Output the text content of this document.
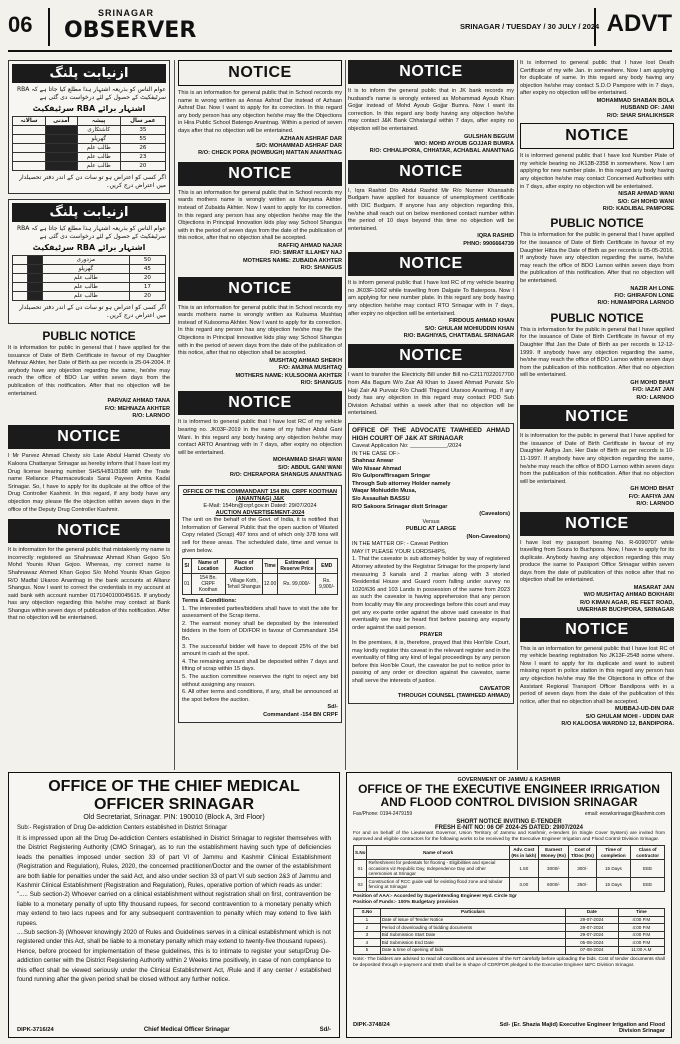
06	SRINAGAR
OBSERVER	SRINAGAR / TUESDAY / 30 JULY / 2024 ADVT
ازنیابت پلنگ
عوام الناس کو بذریعہ اشتہار ہذا مطلع کیا جاتا ہے کہ RBA سرٹیفکیٹ کے حصول کے لئے درخواست دی گئی ہے
اشتہار برائے RBA سرٹیفکیٹ
عمر سال	پیشہ	آمدنی	سالانہ
35	کاشتکاری		
55	گھریلو		
26	طالب علم		
23	طالب علم		
20	طالب علم		
اگر کسی کو اعتراض ہو تو سات دن کے اندر دفتر تحصیلدار میں اعتراض درج کریں۔
ازنیابت پلنگ
عوام الناس کو بذریعہ اشتہار ہذا مطلع کیا جاتا ہے کہ RBA سرٹیفکیٹ کے حصول کے لئے درخواست دی گئی ہے
اشتہار برائے RBA سرٹیفکیٹ
50	مزدوری		
45	گھریلو		
20	طالب علم		
17	طالب علم		
20	طالب علم		
اگر کسی کو اعتراض ہو تو سات دن کے اندر دفتر تحصیلدار میں اعتراض درج کریں۔
PUBLIC NOTICE
It is information for public in general that I have applied for the issuance of Date of Birth Certificate in favour of my Daughter Mehnaz Akhter, her Date of Birth as per records is 25-04-2004. If anybody have any objection regarding the same, he/she may reach the office of BDO Lar within seven days from the publication of this notification. After that no objection will be entertained.
PARVAIZ AHMAD TANA
F/O: MEHNAZA AKHTER
R/O: LARNOO
NOTICE
I Mr Parvez Ahmad Chesty s/o Late Abdul Hamid Chesty r/o Kaloora Chattanyar Srinagar as hereby inform that I have lost my Drug license bearing number SHS/H/81/3188 with the Trade name Reliance Pharmaceuticals Sarai Payeen Amira Kadal Srinagar. So, I have to apply for its duplicate at the office of the Drug Controller Kashmir. In this regard, if any body have any objection may please file the objection within seven days in the office of the Deputy Drug Controller Kashmir.
NOTICE
It is information for the general public that mistakenly my name is incorrectly registered as Shahnawaz Ahmad Khan Gojoo S/o Mohd Younis Khan Gojoo. Whereas, my correct name is Shahnawaz Ahmed Khan Gojoo S/o Mohd Younis Khan Gojoo R/O Madfal Ukaroo Anantnag in the bank accounts at Allianz Shangus. Now I want to correct the credentials in my account at said bank with account number 0171040100045615. If anybody has any objection regarding this he/she may contact at Bank Shangus within seven days of publication of this notification. After that no objection will be entertained.
NOTICE
This is an information for general public that in School records my name is wrong written as Annas Ashraf Dar instead of Azhaan Ashraf Dar. Now I want to apply for its correction. In this regard any body person has any objection he/she may file the Objections in Hira Public School Batengo Anantnag. Within a period of seven days after that no objection will be entertained.
AZHAAN ASHRAF DAR
S/O: MOHAMMAD ASHRAF DAR
R/O: CHECK PORA (NOWBUGH) MATTAN ANANTNAG
NOTICE
This is an information for general public that in School records my wards mothers name is wrongly written as Maryama Akhter instead of Zubaida Akhter. Now I want to apply for its correction. In this regard any person has any objection he/she may file the Objections in Principal Innovation kids play way School Shangus with in the period of seven days from the date of the publication of this notice, after that no objection shall be accepted.
RAFFIQ AHMAD NAJAR
F/O: SIMRAT ILLAHEY NAJ
MOTHERS NAME: ZUBAIDA AKHTER
R/O: SHANGUS
NOTICE
This is an information for general public that in School records my wards mothers name is wrongly written as Kulsuma Mushtaq instead of Kulsooma Akhter. Now I want to apply for its correction. In this regard any person has any objection he/she may file the Objections in Principal Innovative kids play way School Shangus with in the period of seven days from the date of the publication of this notice, after that no objection shall be accepted.
MUSHTAQ AHMAD SHEIKH
F/O: AMJINA MUSHTAQ
MOTHERS NAME: KULSOOMA AKHTER
R/O: SHANGUS
NOTICE
It is informed to general public that I have lost RC of my vehicle bearing no. JK03F-2019 in the name of my father Abdul Gani Wani. In this regard any body having any objection he/she may contact ARTO Anantnag with in 7 days, after expiry no objection will be entertained.
MOHAMMAD SHAFI WANI
S/O: ABDUL GANI WANI
R/O: CHERAPORA SHANGUS ANANTNAG
OFFICE OF THE COMMANDANT 154 BN. CRPF KOOTHAN (ANANTNAG) J&K
E-Mail: 154bn@crpf.gov.in Dated: 29/07/2024
AUCTION ADVERTISEMENT-2024
The unit on the behalf of the Govt. of India, it is notified that Information of General Public that the open auction of Wasted Copy related (Scrap) 497 tons and of which only 378 tons will sell for these areas. The scheduled date, time and venue is given below.
Sl	Name of Location	Place of Auction	Time	Estimated Reserve Price	EMD
01	154 Bn. CRPF Koothan	Village Koth, Tehsil Shangus	12.00	Rs. 99,000/-	Rs. 9,900/-
Terms & Conditions:
1. The interested parties/bidders shall have to visit the site for assessment of the Scrap items.
2. The earnest money shall be deposited by the interested bidders in the form of DD/FDR in favour of Commandant 154 Bn.
3. The successful bidder will have to deposit 25% of the bid amount in cash at the spot.
4. The remaining amount shall be deposited within 7 days and lifting of scrap within 15 days.
5. The auction committee reserves the right to reject any bid without assigning any reason.
6. All other terms and conditions, if any, shall be announced at the spot before the auction.
Sd/-
Commandant -154 BN CRPF
NOTICE
It is to inform the general public that in JK bank records my husband's name is wrongly entered as Mohammad Ayoub Khan Gojjar instead of Mohd Ayoub Gojjar Bumra. Now I want its correction. In this regard any body having any objection he/she may contact J&K Bank Chhatargul within 7 days, after expiry no objection will be entertained.
GULSHAN BEGUM
W/O: MOHD AYOUB GOJJAR BUMRA
R/O: CHHALIPORA, CHHATAR, ACHABAL ANANTNAG
NOTICE
I, Iqra Rashid D/o Abdul Rashid Mir R/o Nunner Khansahib Budgam have applied for issuance of unemployment certificate with DIC Budgam. If anyone has any objection regarding this, he/she shall reach out on below mentioned contact number within the period of 10 days beyond this time no objection will be entertained.
IQRA RASHID
PHNO: 9906664739
NOTICE
It is inform general public that I have lost RC of my vehicle bearing no JK03F-1062 while travelling from Dalgate To Baterpora. Now I am applying for new number plate. In this regard any body having any objection he/she may contact RTO Srinagar with in 7 days, after expiry no objection will be entertained.
FIRDOUS AHMAD KHAN
S/O: GHULAM MOHIUDDIN KHAN
R/O: BAGHIYAS, CHATTABAL SRINAGAR
NOTICE
I want to transfer the Electricity Bill under Bill no-C2117022017700 from Alla Bagum W/o Zair Ali Khan to Javed Ahmad Purvaiz S/o Haji Zair Ali Purvaiz R/o Chadil Thigund Utarsoo Anantnag. If any body has any objection in this regard may contact PDD Sub Division Achabal within a week after that no objection will be entertained.
OFFICE OF THE ADVOCATE TAWHEED AHMAD HIGH COURT OF J&K AT SRINAGAR
Caveat Application No: ____________/2024
IN THE CASE OF:-
Shahnaz Anwar
W/o Nisaar Ahmad
R/o Gulporaffirsagam Sringar
Through Sub attorney Holder namely
Waqar Mohiuddin Musa,
S/o Assaullah BASSU
R/O Sakoora Srinagar distt Srinagar
(Caveators)
Versus
PUBLIC AT LARGE
(Non-Caveators)
IN THE MATTER OF: - Caveat Petition
MAY IT PLEASE YOUR LORDSHIPS,
1. That the caveator is sub attorney holder by way of registered Attorney attested by the Registrar Srinagar for the property land measuring 3 kanals and 2 marlas along with 3 storied Residential House and Guard room falling under survey no 1020/636 and 103 Lands in possession of the same from 2023 as such the caveator is having apprehension that any person from locality may file any proceedings before this court and may get any ex-parte order against the above said caveator in that eventuality we may be heard first before passing any exparty order against the said person.
PRAYER
In the premises, it is, therefore, prayed that this Hon'ble Court, may kindly register this caveat in the relevant register and in the eventuality of filing any kind of legal proceedings by any person before this Hon'ble Court, the caveator be put to notice prior to passing of any order or direction against the caveator, same shall serve the interests of justice.
CAVEATOR
THROUGH COUNSEL (TAWHEED AHMAD)
It is informed to general public that I have lost Death Certificate of my wife Jan. in somewhere. Now I am applying for duplicate of same. In this regard any body having any objection he/she may contact S.D.O Pampore with in 7 days, after expiry no objection will be entertained.
MOHAMMAD SHABAN BOLA
HUSBAND OF: JANI
R/O: SHAR SHALIKHSER
NOTICE
It is informed general public that I have lost Number Plate of my vehicle bearing no JK13B-2358 in somewhere. Now I am applying for new number plate. In this regard any body having any objection he/she may contact Concerned Authorities with in 7 days, after expiry no objection will be entertained.
NISAR AHMAD WANI
S/O: GH MOHD WANI
R/O: KADLIBAL PAMPORE
PUBLIC NOTICE
This is information for the public in general that I have applied for the issuance of Date of Birth Certificate in favour of my Daughter Hifza the Date of Birth as per records is 05-05-2016. If anybody have any objection regarding the same, he/she may reach the office of BDO Larnoo within seven days from the publication of this notification. After that no objection will be entertained.
NAZIR AH LONE
F/O: GHIRAFON LONE
R/O: HUMAMPORA LARNOO
PUBLIC NOTICE
This is information for the public in general that I have applied for the issuance of Date of Birth Certificate in favour of my Daughter Iffat Jan the Date of Birth as per records is 12-12-1999. If anybody have any objection regarding the same, he/she may reach the office of BDO Larnoo within seven days from the publication of this notification. After that no objection will be entertained.
GH MOHD BHAT
F/O: IAZAT JAN
R/O: LARNOO
NOTICE
It is information for the public in general that I have applied for the issuance of Date of Birth Certificate in favour of my Daughter Aafiya Jan. Her Date of Birth as per records is 10-11-1997. If anybody have any objection regarding the same, he/she may reach the office of BDO Larnoo within seven days from the publication of this notification. After that no objection will be entertained.
GH MOHD BHAT
F/O: AAFIYA JAN
R/O: LARNOO
NOTICE
I have lost my passport bearing No. R-6090707 while travelling from Soura to Buchpora. Now, I have to apply for its duplicate. Anybody having any objection regarding this may produce the same to Passport Office Srinagar within seven days from the date of publication of this notice after that no objection shall be entertained.
MASARAT JAN
W/O MUSHTAQ AHMAD BOKHARI
R/O KIMAN AGAR, RE FEET ROAD,
UMERHAIR BUCHPORA, SRINAGAR
NOTICE
This is an information for general public that I have lost RC of my vehicle bearing registration No JK13F-2548 some where. Now I want to apply for its duplicate and want to submit missing report in police station in this regard any person has any objection he/she may file the Objections in office of the Assistant Regional Transport Officer Bandipora with in a period of seven days from the date of the publication of this notice, after that no objection shall be accepted.
MUBBAJ-UD-DIN DAR
S/O GHULAM MOHI - UDDIN DAR
R/O KALOOSA WARDNO 12, BANDIPORA.
OFFICE OF THE CHIEF MEDICAL OFFICER SRINAGAR
Old Secretariat, Srinagar. PIN: 190010 (Block A, 3rd Floor)
Sub:- Registration of Drug De-addiction Centers established in District Srinagar
It is impressed upon all the Drug De-addiction Centers established in District Srinagar to register themselves with the District Registering Authority (CMO Srinagar), as to run the establishment having such type of deficiencies leads the penalties imposed under section 33 of part VI of Jammu and Kashmir Clinical Establishment (Registration and Regulation), Rules, 2020, the concerned practitioner/Doctor and the owner of the establishment are both liable for penalties under the said Act, and also under section 33 of part VI sub section 2&3 of Jammu and Kashmir Clinical Establishment (Registration and Regulation), Rules, operative portion of which reads as under:
"..... Sub section-2) Whoever carried on a clinical establishment without registration shall on first, contravention be liable to a monetary penalty of upto fifty thousand rupees, for second contravention to a monetary penalty which may extend to two lacs rupees and for any subsequent contravention to penalty which may extend to five lakh rupees.
....Sub section-3) (Whoever knowingly 2020 of Rules and Guidelines serves in a clinical establishment which is not registered under this Act, shall be liable to a monetary penalty which may extend to twenty-five thousand rupees).
Hence, before proceed for implementation of these guidelines, this is to intimate to register your setup/Drug De-addiction center with the District Registering Authority within 2 Weeks time positively, in case of non compliance to this effect shall be viewed seriously under the Clinical Establishment Act, /Rule and if any center / established found running after the given period shall be closed without any further notice.
DIPK-3716/24	Chief Medical Officer Srinagar	Sd/-
GOVERNMENT OF JAMMU & KASHMIR
OFFICE OF THE EXECUTIVE ENGINEER IRRIGATION AND FLOOD CONTROL DIVISION SRINAGAR
Fax/Phone: 0194-2479159	email: eeswksrinagar@kashmir.com
SHORT NOTICE INVITING E-TENDER
FRESH E-NIT NO: 06 OF 2024-25 DATED: 29/07/2024
For and on behalf of the Lieutenant Governor, Union Territory of Jammu and Kashmir, e-tenders (in Single Cover System) are invited from approved and eligible contractors for the following works to be received by the Executive Engineer Irrigation and Flood Control Division Srinagar.
S.No	Name of work	Adv. Cost (Rs in lakh)	Earnest Money (Rs)	Cost of T/Doc (Rs)	Time of completion	Class of contractor
01	Refreshment for pedestals for flooring - Eligibilities and special occasions viz Republic Day, Independence Day and other ceremonies at Srinagar	1.50	3000/-	300/-	15 Days	EEE
02	Construction of RCC guide wall for existing flood zone and tubular fencing at Srinagar	3.00	6000/-	250/-	15 Days	EEE
Position of AAA:- Accorded by Superintending Engineer Hyd. Circle Sgr
Position of Funds:- 100% Budgetary provision
S.No	Particulars	Date	Time
1	Date of issue of Tender Notice	29-07-2024	4:00 P.M
2	Period of downloading of bidding documents	29-07-2024	4:00 P.M
3	Bid Submission Start Date	29-07-2024	4:00 P.M
4	Bid Submission End Date	05-08-2024	4:00 P.M
5	Date & time of opening of bids	07-08-2024	11:00 A.M
Note:- The bidders are advised to read all conditions and annexures of the NIT carefully before uploading the bids. Cost of tender documents shall be deposited through e-payment and EMD shall be in shape of CDR/FDR pledged to the Executive Engineer I&FC Division Srinagar.
DIPK-3748/24	Sd/- (Er. Shazia Majid) Executive Engineer Irrigation and Flood Division Srinagar
